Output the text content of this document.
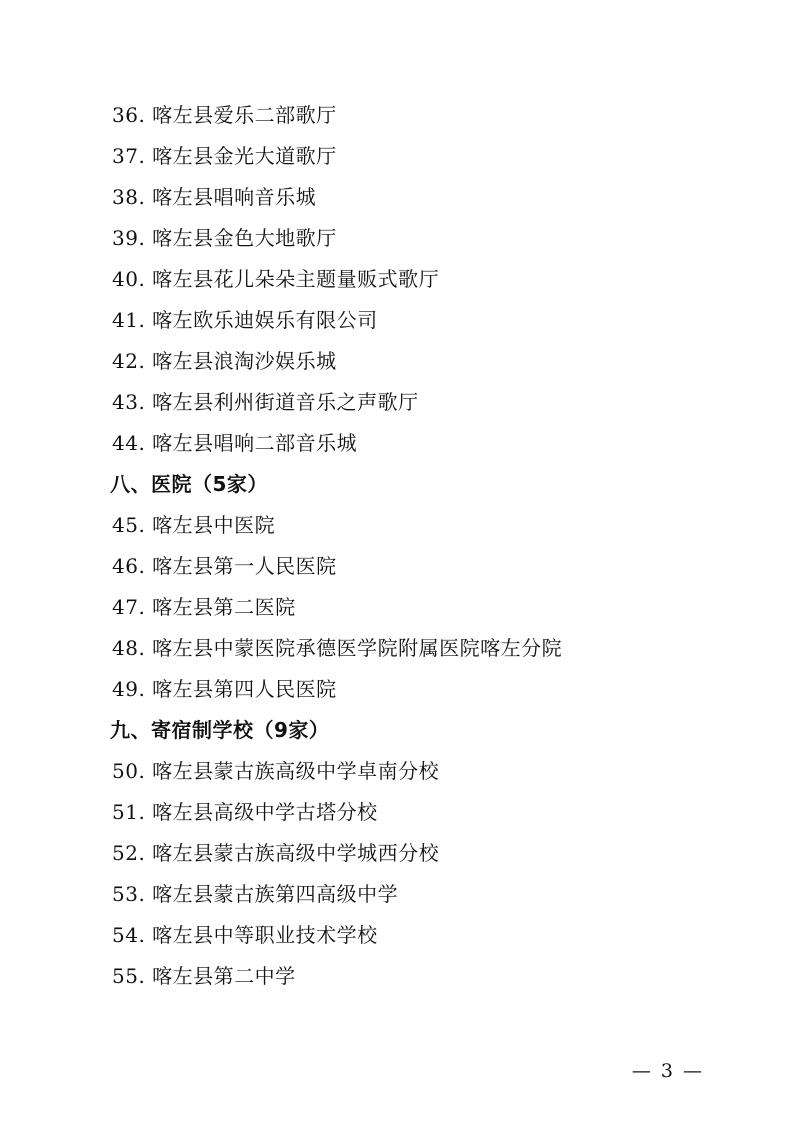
36. 喀左县爱乐二部歌厅
37. 喀左县金光大道歌厅
38. 喀左县唱响音乐城
39. 喀左县金色大地歌厅
40. 喀左县花儿朵朵主题量贩式歌厅
41. 喀左欧乐迪娱乐有限公司
42. 喀左县浪淘沙娱乐城
43. 喀左县利州街道音乐之声歌厅
44. 喀左县唱响二部音乐城
八、医院（5家）
45. 喀左县中医院
46. 喀左县第一人民医院
47. 喀左县第二医院
48. 喀左县中蒙医院承德医学院附属医院喀左分院
49. 喀左县第四人民医院
九、寄宿制学校（9家）
50. 喀左县蒙古族高级中学卓南分校
51. 喀左县高级中学古塔分校
52. 喀左县蒙古族高级中学城西分校
53. 喀左县蒙古族第四高级中学
54. 喀左县中等职业技术学校
55. 喀左县第二中学
— 3 —
